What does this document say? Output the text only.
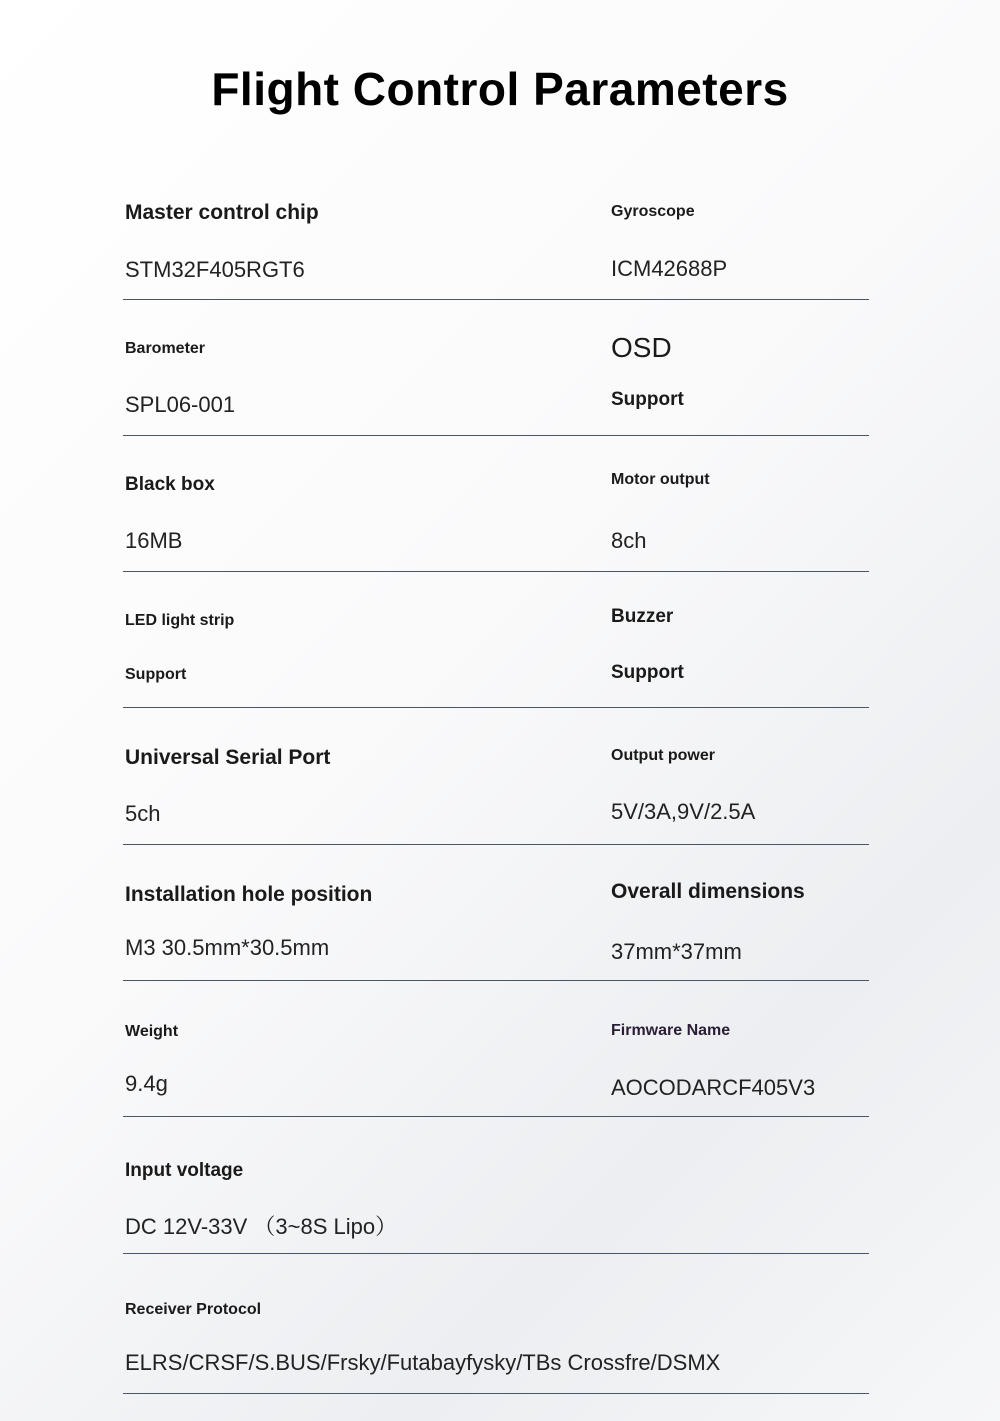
Flight Control Parameters
Master control chip
STM32F405RGT6
Gyroscope
ICM42688P
Barometer
SPL06-001
OSD
Support
Black box
16MB
Motor output
8ch
LED light strip
Support
Buzzer
Support
Universal Serial Port
5ch
Output power
5V/3A,9V/2.5A
Installation hole position
M3 30.5mm*30.5mm
Overall dimensions
37mm*37mm
Weight
9.4g
Firmware Name
AOCODARCF405V3
Input voltage
DC 12V-33V （3~8S Lipo）
Receiver Protocol
ELRS/CRSF/S.BUS/Frsky/Futabayfysky/TBs Crossfre/DSMX
